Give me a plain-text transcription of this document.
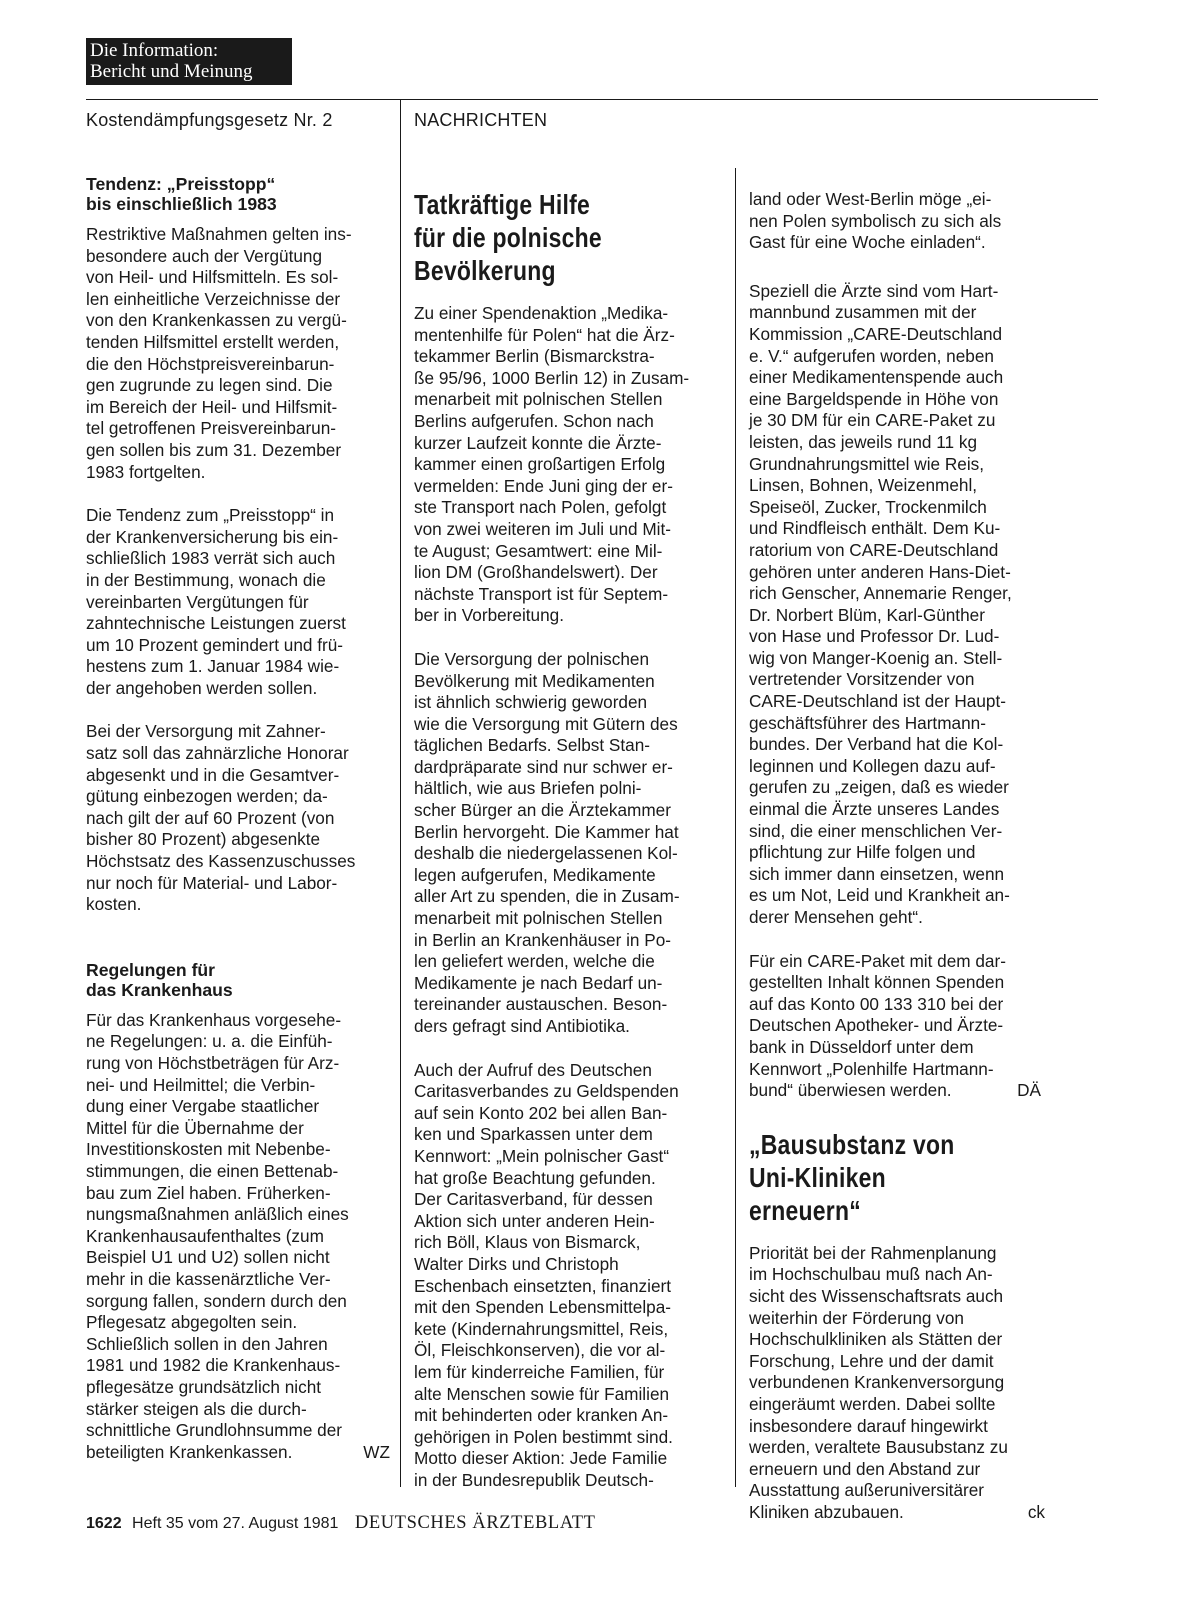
Die Information:
Bericht und Meinung
Kostendämpfungsgesetz Nr. 2	NACHRICHTEN
Tendenz: „Preisstopp“
bis einschließlich 1983

Restriktive Maßnahmen gelten ins-
besondere auch der Vergütung
von Heil- und Hilfsmitteln. Es sol-
len einheitliche Verzeichnisse der
von den Krankenkassen zu vergü-
tenden Hilfsmittel erstellt werden,
die den Höchstpreisvereinbarun-
gen zugrunde zu legen sind. Die
im Bereich der Heil- und Hilfsmit-
tel getroffenen Preisvereinbarun-
gen sollen bis zum 31. Dezember
1983 fortgelten.

Die Tendenz zum „Preisstopp“ in
der Krankenversicherung bis ein-
schließlich 1983 verrät sich auch
in der Bestimmung, wonach die
vereinbarten Vergütungen für
zahntechnische Leistungen zuerst
um 10 Prozent gemindert und frü-
hestens zum 1. Januar 1984 wie-
der angehoben werden sollen.

Bei der Versorgung mit Zahner-
satz soll das zahnärzliche Honorar
abgesenkt und in die Gesamtver-
gütung einbezogen werden; da-
nach gilt der auf 60 Prozent (von
bisher 80 Prozent) abgesenkte
Höchstsatz des Kassenzuschusses
nur noch für Material- und Labor-
kosten.

Regelungen für
das Krankenhaus

Für das Krankenhaus vorgesehe-
ne Regelungen: u. a. die Einfüh-
rung von Höchstbeträgen für Arz-
nei- und Heilmittel; die Verbin-
dung einer Vergabe staatlicher
Mittel für die Übernahme der
Investitionskosten mit Nebenbe-
stimmungen, die einen Bettenab-
bau zum Ziel haben. Früherken-
nungsmaßnahmen anläßlich eines
Krankenhausaufenthaltes (zum
Beispiel U1 und U2) sollen nicht
mehr in die kassenärztliche Ver-
sorgung fallen, sondern durch den
Pflegesatz abgegolten sein.
Schließlich sollen in den Jahren
1981 und 1982 die Krankenhaus-
pflegesätze grundsätzlich nicht
stärker steigen als die durch-
schnittliche Grundlohnsumme der
beteiligten Krankenkassen.	WZ

Tatkräftige Hilfe
für die polnische
Bevölkerung

Zu einer Spendenaktion „Medika-
mentenhilfe für Polen“ hat die Ärz-
tekammer Berlin (Bismarckstra-
ße 95/96, 1000 Berlin 12) in Zusam-
menarbeit mit polnischen Stellen
Berlins aufgerufen. Schon nach
kurzer Laufzeit konnte die Ärzte-
kammer einen großartigen Erfolg
vermelden: Ende Juni ging der er-
ste Transport nach Polen, gefolgt
von zwei weiteren im Juli und Mit-
te August; Gesamtwert: eine Mil-
lion DM (Großhandelswert). Der
nächste Transport ist für Septem-
ber in Vorbereitung.

Die Versorgung der polnischen
Bevölkerung mit Medikamenten
ist ähnlich schwierig geworden
wie die Versorgung mit Gütern des
täglichen Bedarfs. Selbst Stan-
dardpräparate sind nur schwer er-
hältlich, wie aus Briefen polni-
scher Bürger an die Ärztekammer
Berlin hervorgeht. Die Kammer hat
deshalb die niedergelassenen Kol-
legen aufgerufen, Medikamente
aller Art zu spenden, die in Zusam-
menarbeit mit polnischen Stellen
in Berlin an Krankenhäuser in Po-
len geliefert werden, welche die
Medikamente je nach Bedarf un-
tereinander austauschen. Beson-
ders gefragt sind Antibiotika.

Auch der Aufruf des Deutschen
Caritasverbandes zu Geldspenden
auf sein Konto 202 bei allen Ban-
ken und Sparkassen unter dem
Kennwort: „Mein polnischer Gast“
hat große Beachtung gefunden.
Der Caritasverband, für dessen
Aktion sich unter anderen Hein-
rich Böll, Klaus von Bismarck,
Walter Dirks und Christoph
Eschenbach einsetzten, finanziert
mit den Spenden Lebensmittelpa-
kete (Kindernahrungsmittel, Reis,
Öl, Fleischkonserven), die vor al-
lem für kinderreiche Familien, für
alte Menschen sowie für Familien
mit behinderten oder kranken An-
gehörigen in Polen bestimmt sind.
Motto dieser Aktion: Jede Familie
in der Bundesrepublik Deutsch-

land oder West-Berlin möge „ei-
nen Polen symbolisch zu sich als
Gast für eine Woche einladen“.

Speziell die Ärzte sind vom Hart-
mannbund zusammen mit der
Kommission „CARE-Deutschland
e. V.“ aufgerufen worden, neben
einer Medikamentenspende auch
eine Bargeldspende in Höhe von
je 30 DM für ein CARE-Paket zu
leisten, das jeweils rund 11 kg
Grundnahrungsmittel wie Reis,
Linsen, Bohnen, Weizenmehl,
Speiseöl, Zucker, Trockenmilch
und Rindfleisch enthält. Dem Ku-
ratorium von CARE-Deutschland
gehören unter anderen Hans-Diet-
rich Genscher, Annemarie Renger,
Dr. Norbert Blüm, Karl-Günther
von Hase und Professor Dr. Lud-
wig von Manger-Koenig an. Stell-
vertretender Vorsitzender von
CARE-Deutschland ist der Haupt-
geschäftsführer des Hartmann-
bundes. Der Verband hat die Kol-
leginnen und Kollegen dazu auf-
gerufen zu „zeigen, daß es wieder
einmal die Ärzte unseres Landes
sind, die einer menschlichen Ver-
pflichtung zur Hilfe folgen und
sich immer dann einsetzen, wenn
es um Not, Leid und Krankheit an-
derer Mensehen geht“.

Für ein CARE-Paket mit dem dar-
gestellten Inhalt können Spenden
auf das Konto 00 133 310 bei der
Deutschen Apotheker- und Ärzte-
bank in Düsseldorf unter dem
Kennwort „Polenhilfe Hartmann-
bund“ überwiesen werden.	DÄ

„Bausubstanz von
Uni-Kliniken erneuern“

Priorität bei der Rahmenplanung
im Hochschulbau muß nach An-
sicht des Wissenschaftsrats auch
weiterhin der Förderung von
Hochschulkliniken als Stätten der
Forschung, Lehre und der damit
verbundenen Krankenversorgung
eingeräumt werden. Dabei sollte
insbesondere darauf hingewirkt
werden, veraltete Bausubstanz zu
erneuern und den Abstand zur
Ausstattung außeruniversitärer
Kliniken abzubauen.	ck

1622 Heft 35 vom 27. August 1981 DEUTSCHES ÄRZTEBLATT
